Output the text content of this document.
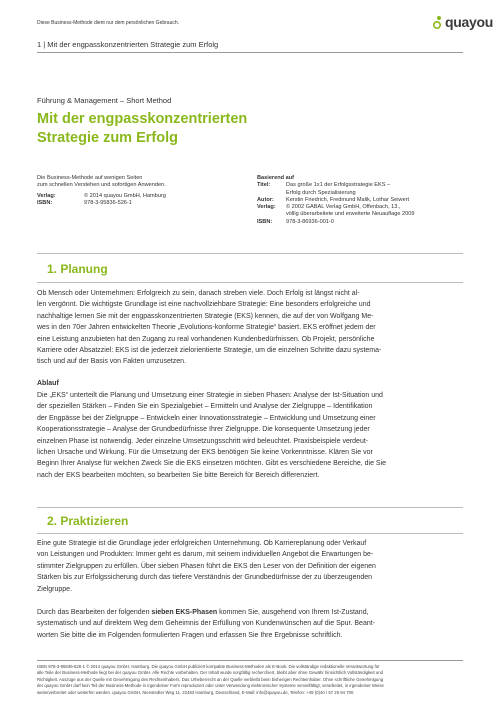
Diese Business-Methode dient nur dem persönlichen Gebrauch.	quayou
1 | Mit der engpasskonzentrierten Strategie zum Erfolg
Führung & Management – Short Method
Mit der engpasskonzentrierten
Strategie zum Erfolg
Die Business-Methode auf wenigen Seiten
zum schnellen Verstehen und sofortigen Anwenden.
Verlag:	© 2014 quayou GmbH, Hamburg
ISBN:	978-3-95836-526-1
Basierend auf
Titel:	Das große 1x1 der Erfolgsstrategie EKS –
Erfolg durch Spezialisierung
Autor:	Kerstin Friedrich, Fredmund Malik, Lothar Seiwert
Verlag:	© 2002 GABAL Verlag GmbH, Offenbach, 13.,
völlig überarbeitete und erweiterte Neuauflage 2009
ISBN:	978-3-86936-001-0
1. Planung
Ob Mensch oder Unternehmen: Erfolgreich zu sein, danach streben viele. Doch Erfolg ist längst nicht al-
len vergönnt. Die wichtigste Grundlage ist eine nachvollziehbare Strategie: Eine besonders erfolgreiche und
nachhaltige lernen Sie mit der engpasskonzentrierten Strategie (EKS) kennen, die auf der von Wolfgang Me-
wes in den 70er Jahren entwickelten Theorie „Evolutions-konforme Strategie“ basiert. EKS eröffnet jedem der
eine Leistung anzubieten hat den Zugang zu real vorhandenen Kundenbedürfnissen. Ob Projekt, persönliche
Karriere oder Absatzziel: EKS ist die jederzeit zielorientierte Strategie, um die einzelnen Schritte dazu systema-
tisch und auf der Basis von Fakten umzusetzen.
Ablauf
Die „EKS“ unterteilt die Planung und Umsetzung einer Strategie in sieben Phasen: Analyse der Ist-Situation und
der speziellen Stärken – Finden Sie ein Spezialgebiet – Ermitteln und Analyse der Zielgruppe – Identifikation
der Engpässe bei der Zielgruppe – Entwickeln einer Innovationsstrategie – Entwicklung und Umsetzung einer
Kooperationsstrategie – Analyse der Grundbedürfnisse Ihrer Zielgruppe. Die konsequente Umsetzung jeder
einzelnen Phase ist notwendig. Jeder einzelne Umsetzungsschritt wird beleuchtet. Praxisbeispiele verdeut-
lichen Ursache und Wirkung. Für die Umsetzung der EKS benötigen Sie keine Vorkenntnisse. Klären Sie vor
Beginn Ihrer Analyse für welchen Zweck Sie die EKS einsetzen möchten. Gibt es verschiedene Bereiche, die Sie
nach der EKS bearbeiten möchten, so bearbeiten Sie bitte Bereich für Bereich differenziert.
2. Praktizieren
Eine gute Strategie ist die Grundlage jeder erfolgreichen Unternehmung. Ob Karriereplanung oder Verkauf
von Leistungen und Produkten: Immer geht es darum, mit seinem individuellen Angebot die Erwartungen be-
stimmter Zielgruppen zu erfüllen. Über sieben Phasen führt die EKS den Leser von der Definition der eigenen
Stärken bis zur Erfolgssicherung durch das tiefere Verständnis der Grundbedürfnisse der zu überzeugenden
Zielgruppe.
Durch das Bearbeiten der folgenden sieben EKS-Phasen kommen Sie, ausgehend von Ihrem Ist-Zustand,
systematisch und auf direktem Weg dem Geheimnis der Erfüllung von Kundenwünschen auf die Spur. Beant-
worten Sie bitte die im Folgenden formulierten Fragen und erfassen Sie Ihre Ergebnisse schriftlich.
ISBN 978-3-95836-526-1 © 2014 quayou GmbH, Hamburg. Die quayou GmbH publiziert kompakte Business-Methoden als E-Book. Die vollständige redaktionelle Verantwortung für
alle Teile der Business-Methode liegt bei der quayou GmbH. Alle Rechte vorbehalten. Der Inhalt wurde sorgfältig recherchiert, bleibt aber ohne Gewähr hinsichtlich Vollständigkeit und
Richtigkeit. Auszüge aus der Quelle mit Genehmigung des Rechteinhabers. Das Urheberrecht an der Quelle verbleibt beim bisherigen Rechteinhaber. Ohne schriftliche Genehmigung
der quayou GmbH darf kein Teil der Business-Methode in irgendeiner Form reproduziert oder unter Verwendung elektronischer Systeme vervielfältigt, verarbeitet, in irgendeiner Weise
weiterverbreitet oder weiterhin werden. quayou GmbH, Nienstedter Weg 11, 22453 Hamburg, Deutschland, E-Mail: info@quayou.de, Telefon: +49 (0)40 / 57 25 94 700
